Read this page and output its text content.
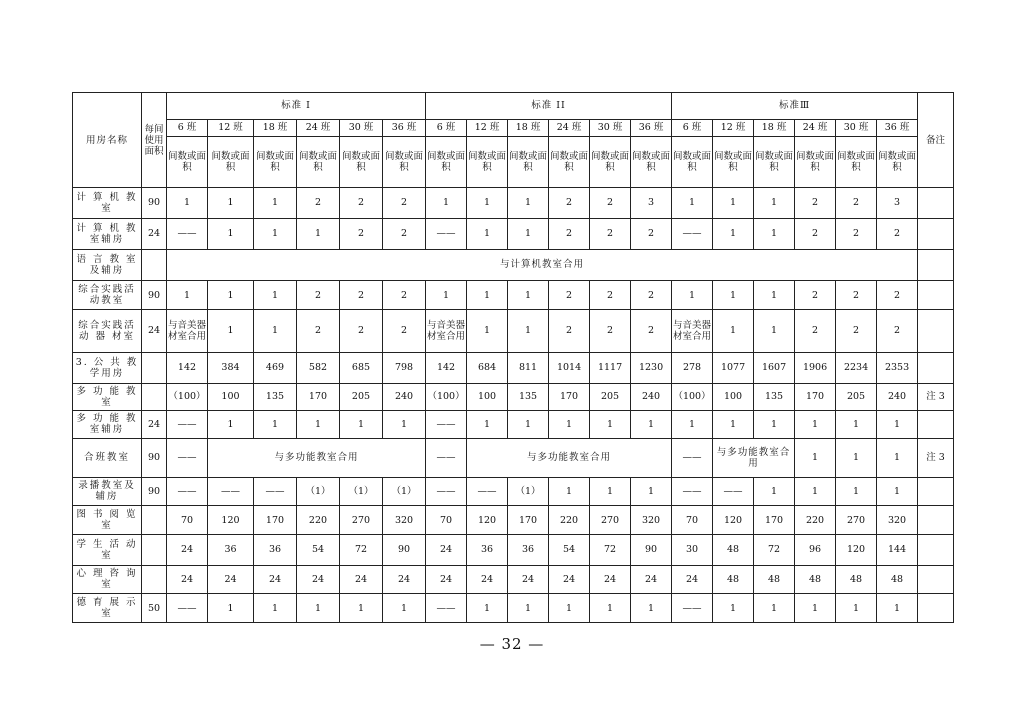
用房名称	每间使用面积	标准 I						标准 II						标准Ⅲ						备注
		6 班	12 班	18 班	24 班	30 班	36 班	6 班	12 班	18 班	24 班	30 班	36 班	6 班	12 班	18 班	24 班	30 班	36 班	
		间数或面积	间数或面积	间数或面积	间数或面积	间数或面积	间数或面积	间数或面积	间数或面积	间数或面积	间数或面积	间数或面积	间数或面积	间数或面积	间数或面积	间数或面积	间数或面积	间数或面积	间数或面积	
计 算 机 教室	90	1	1	1	2	2	2	1	1	1	2	2	3	1	1	1	2	2	3	
计 算 机 教室辅房	24	——	1	1	1	2	2	——	1	1	2	2	2	——	1	1	2	2	2	
语 言 教 室及辅房		与计算机教室合用																		
综合实践活动教室	90	1	1	1	2	2	2	1	1	1	2	2	2	1	1	1	2	2	2	
综合实践活 动 器 材室	24	与音美器材室合用	1	1	2	2	2	与音美器材室合用	1	1	2	2	2	与音美器材室合用	1	1	2	2	2	
3. 公 共 教学用房		142	384	469	582	685	798	142	684	811	1014	1117	1230	278	1077	1607	1906	2234	2353	
多 功 能 教室		（100）	100	135	170	205	240	（100）	100	135	170	205	240	（100）	100	135	170	205	240	注 3
多 功 能 教室辅房	24	——	1	1	1	1	1	——	1	1	1	1	1	1	1	1	1	1	1	
合班教室	90	——	与多功能教室合用					——	与多功能教室合用					——	与多功能教室合用		1	1	1	注 3
录播教室及辅房	90	——	——	——	（1）	（1）	（1）	——	——	（1）	1	1	1	——	——	1	1	1	1	
图 书 阅 览室		70	120	170	220	270	320	70	120	170	220	270	320	70	120	170	220	270	320	
学 生 活 动室		24	36	36	54	72	90	24	36	36	54	72	90	30	48	72	96	120	144	
心 理 咨 询室		24	24	24	24	24	24	24	24	24	24	24	24	24	48	48	48	48	48	
德 育 展 示室	50	——	1	1	1	1	1	——	1	1	1	1	1	——	1	1	1	1	1	
— 32 —
